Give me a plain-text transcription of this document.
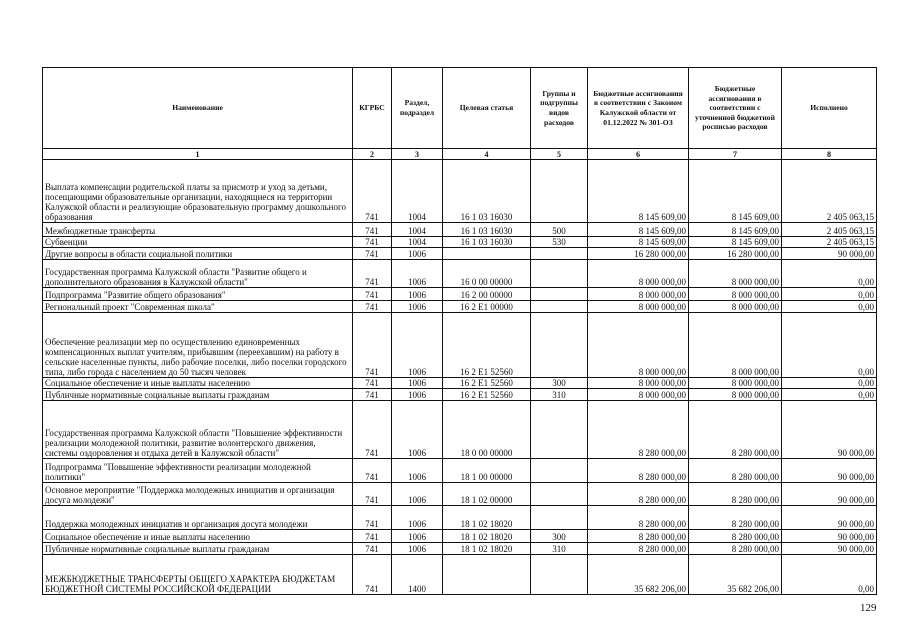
Наименование	КГРБС	Раздел, подраздел	Целевая статья	Группы и подгруппы видов расходов	Бюджетные ассигнования в соответствии с Законом Калужской области от 01.12.2022 № 301-ОЗ	Бюджетные ассигнования в соответствии с уточненной бюджетной росписью расходов	Исполнено
1	2	3	4	5	6	7	8

Выплата компенсации родительской платы за присмотр и уход за детьми, посещающими образовательные организации, находящиеся на территории Калужской области и реализующие образовательную программу дошкольного образования	741	1004	16 1 03 16030		8 145 609,00	8 145 609,00	2 405 063,15

Межбюджетные трансферты	741	1004	16 1 03 16030	500	8 145 609,00	8 145 609,00	2 405 063,15

Субвенции	741	1004	16 1 03 16030	530	8 145 609,00	8 145 609,00	2 405 063,15

Другие вопросы в области социальной политики	741	1006			16 280 000,00	16 280 000,00	90 000,00

Государственная программа Калужской области "Развитие общего и дополнительного образования в Калужской области"	741	1006	16 0 00 00000		8 000 000,00	8 000 000,00	0,00

Подпрограмма "Развитие общего образования"	741	1006	16 2 00 00000		8 000 000,00	8 000 000,00	0,00

Региональный проект "Современная школа"	741	1006	16 2 E1 00000		8 000 000,00	8 000 000,00	0,00

Обеспечение реализации мер по осуществлению единовременных компенсационных выплат учителям, прибывшим (переехавшим) на работу в сельские населенные пункты, либо рабочие поселки, либо поселки городского типа, либо города с населением до 50 тысяч человек	741	1006	16 2 E1 52560		8 000 000,00	8 000 000,00	0,00

Социальное обеспечение и иные выплаты населению	741	1006	16 2 E1 52560	300	8 000 000,00	8 000 000,00	0,00

Публичные нормативные социальные выплаты гражданам	741	1006	16 2 E1 52560	310	8 000 000,00	8 000 000,00	0,00

Государственная программа Калужской области "Повышение эффективности реализации молодежной политики, развитие волонтерского движения, системы оздоровления и отдыха детей в Калужской области"	741	1006	18 0 00 00000		8 280 000,00	8 280 000,00	90 000,00

Подпрограмма "Повышение эффективности реализации молодежной политики"	741	1006	18 1 00 00000		8 280 000,00	8 280 000,00	90 000,00

Основное мероприятие "Поддержка молодежных инициатив и организация досуга молодежи"	741	1006	18 1 02 00000		8 280 000,00	8 280 000,00	90 000,00

Поддержка молодежных инициатив и организация досуга молодежи	741	1006	18 1 02 18020		8 280 000,00	8 280 000,00	90 000,00

Социальное обеспечение и иные выплаты населению	741	1006	18 1 02 18020	300	8 280 000,00	8 280 000,00	90 000,00

Публичные нормативные социальные выплаты гражданам	741	1006	18 1 02 18020	310	8 280 000,00	8 280 000,00	90 000,00

МЕЖБЮДЖЕТНЫЕ ТРАНСФЕРТЫ ОБЩЕГО ХАРАКТЕРА БЮДЖЕТАМ БЮДЖЕТНОЙ СИСТЕМЫ РОССИЙСКОЙ ФЕДЕРАЦИИ	741	1400			35 682 206,00	35 682 206,00	0,00
129
